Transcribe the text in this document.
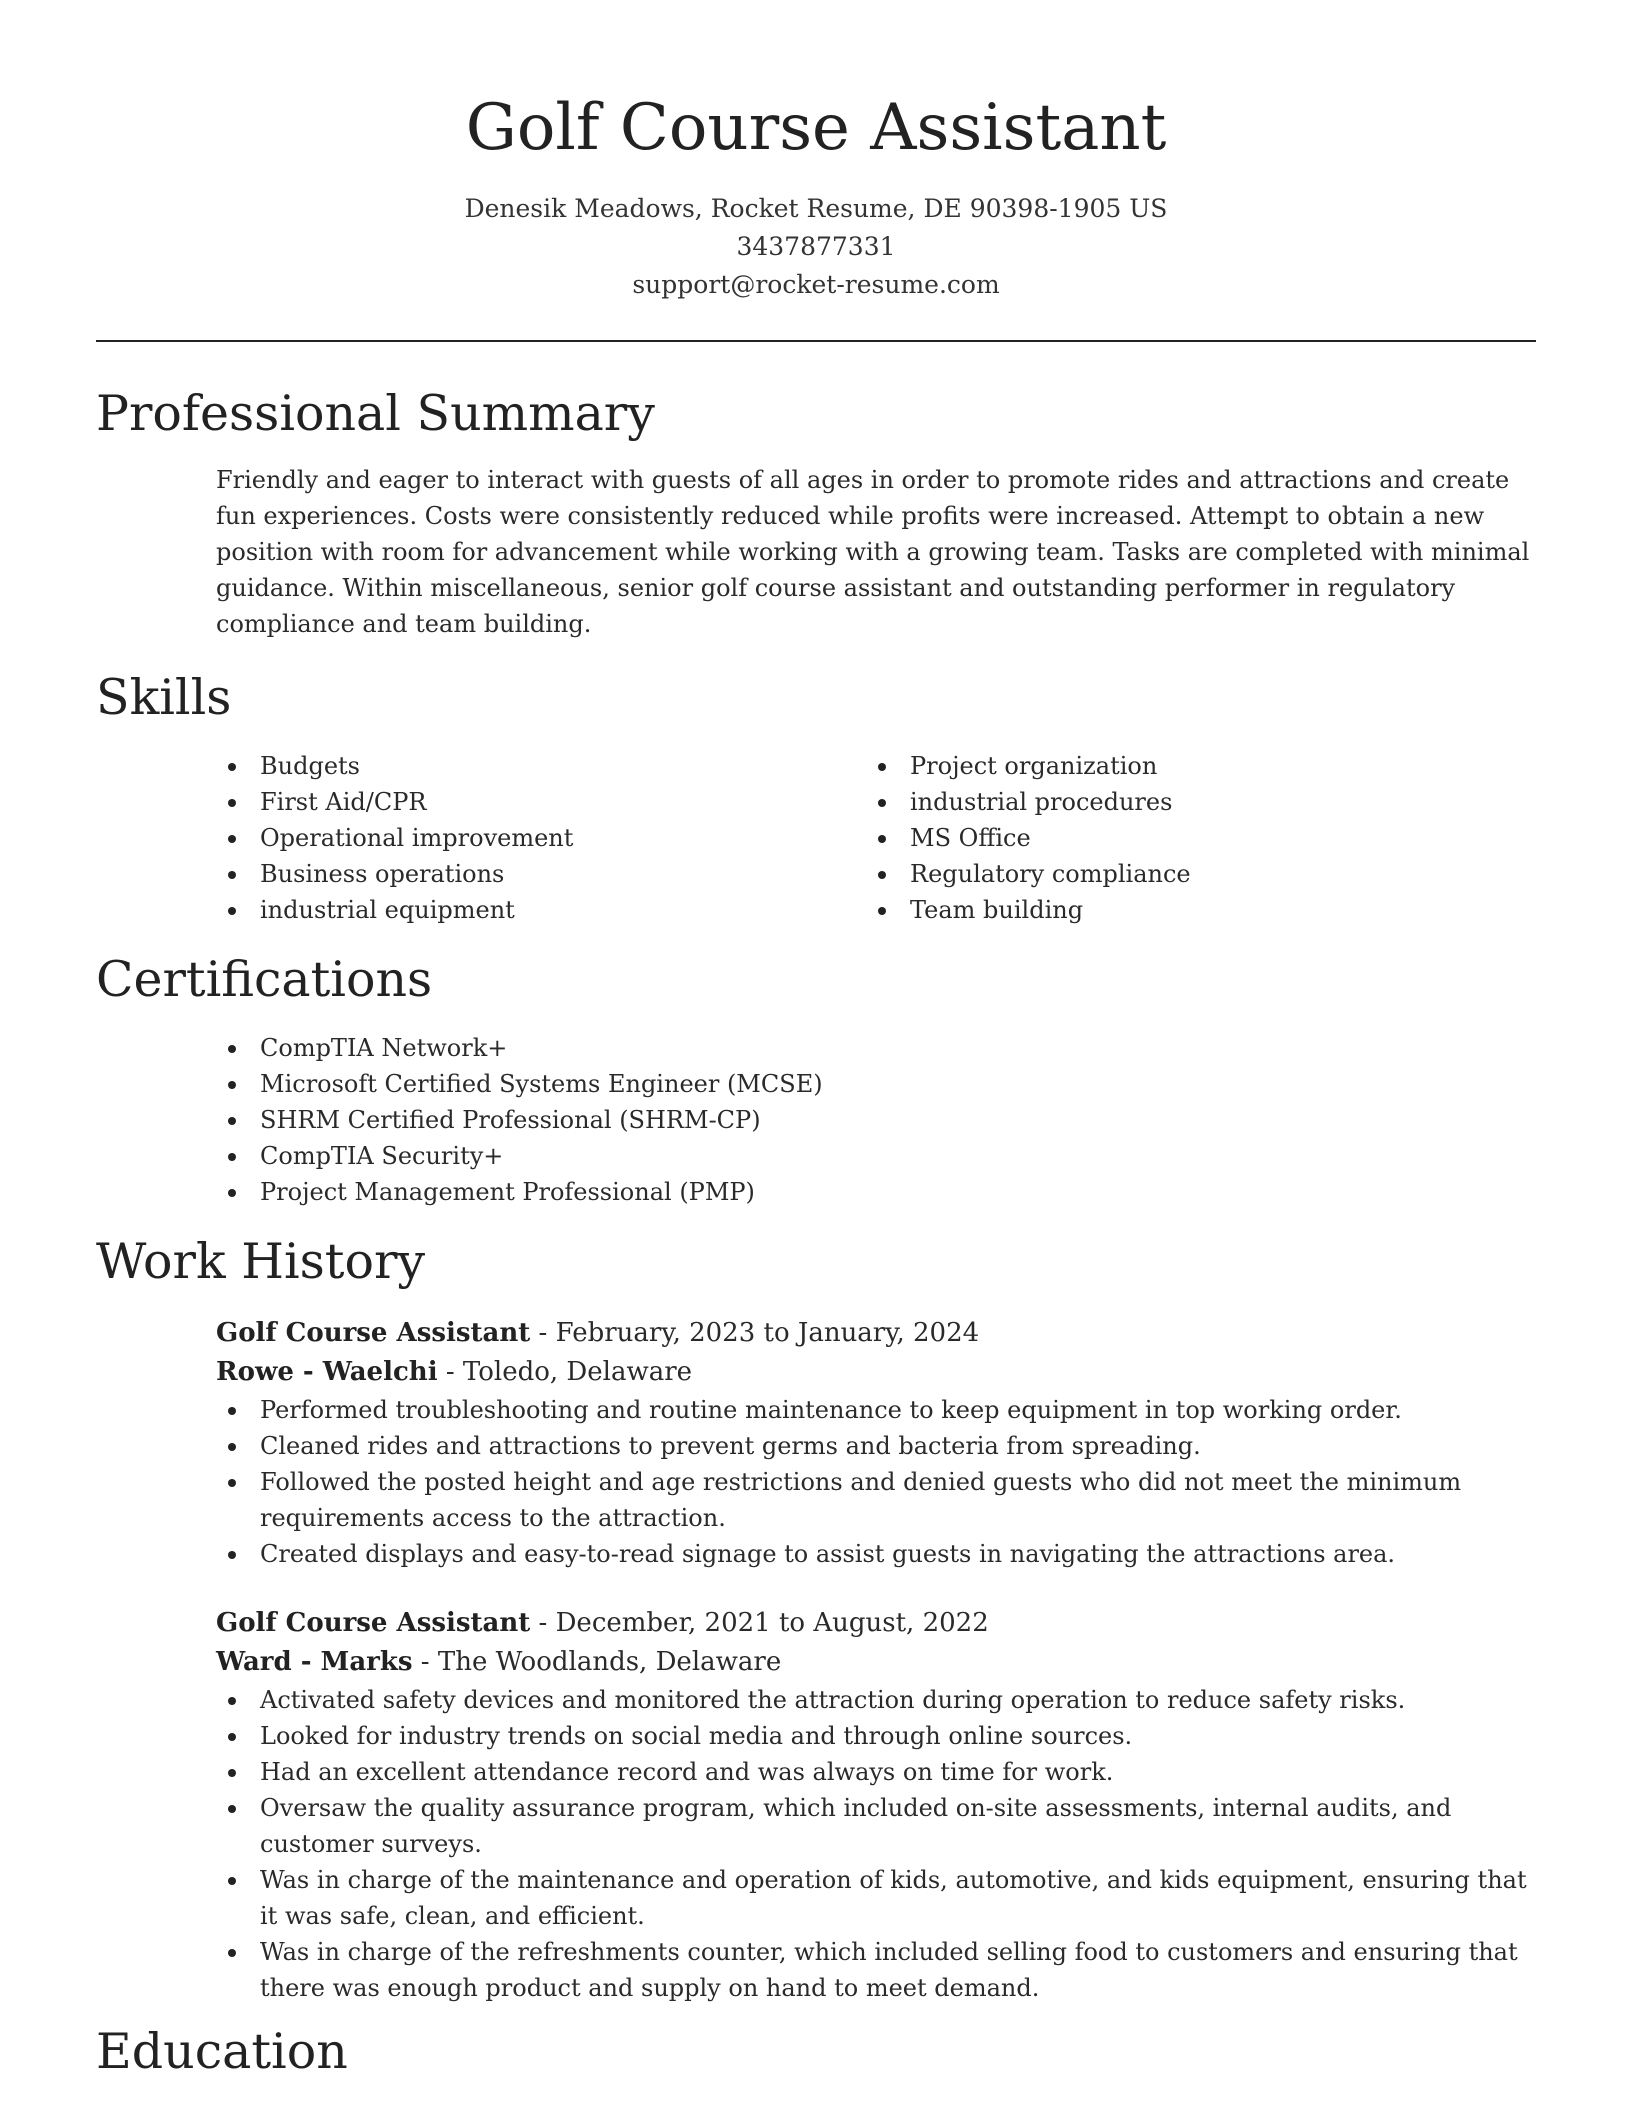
Golf Course Assistant
Denesik Meadows, Rocket Resume, DE 90398-1905 US
3437877331
support@rocket-resume.com
Professional Summary
Friendly and eager to interact with guests of all ages in order to promote rides and attractions and create fun experiences. Costs were consistently reduced while profits were increased. Attempt to obtain a new position with room for advancement while working with a growing team. Tasks are completed with minimal guidance. Within miscellaneous, senior golf course assistant and outstanding performer in regulatory compliance and team building.
Skills
Budgets
First Aid/CPR
Operational improvement
Business operations
industrial equipment
Project organization
industrial procedures
MS Office
Regulatory compliance
Team building
Certifications
CompTIA Network+
Microsoft Certified Systems Engineer (MCSE)
SHRM Certified Professional (SHRM-CP)
CompTIA Security+
Project Management Professional (PMP)
Work History
Golf Course Assistant - February, 2023 to January, 2024
Rowe - Waelchi - Toledo, Delaware
Performed troubleshooting and routine maintenance to keep equipment in top working order.
Cleaned rides and attractions to prevent germs and bacteria from spreading.
Followed the posted height and age restrictions and denied guests who did not meet the minimum requirements access to the attraction.
Created displays and easy-to-read signage to assist guests in navigating the attractions area.
Golf Course Assistant - December, 2021 to August, 2022
Ward - Marks - The Woodlands, Delaware
Activated safety devices and monitored the attraction during operation to reduce safety risks.
Looked for industry trends on social media and through online sources.
Had an excellent attendance record and was always on time for work.
Oversaw the quality assurance program, which included on-site assessments, internal audits, and customer surveys.
Was in charge of the maintenance and operation of kids, automotive, and kids equipment, ensuring that it was safe, clean, and efficient.
Was in charge of the refreshments counter, which included selling food to customers and ensuring that there was enough product and supply on hand to meet demand.
Education
